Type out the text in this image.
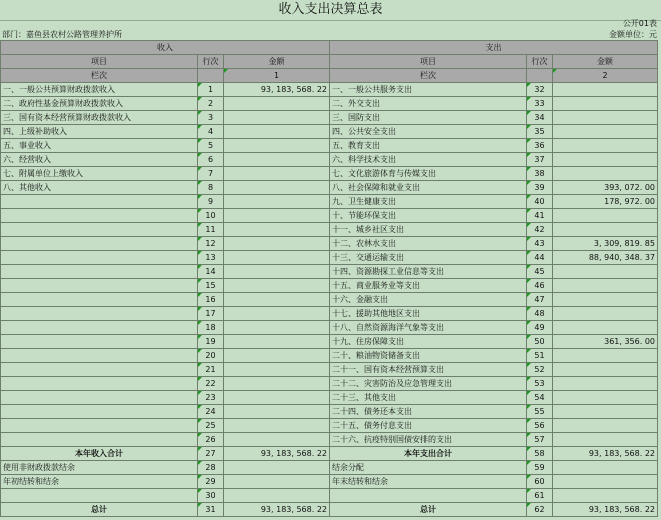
收入支出决算总表
公开01表
部门：嘉鱼县农村公路管理养护所	金额单位：元
收入			支出		
项目	行次	金额	项目	行次	金额
栏次		1	栏次		2
一、一般公共预算财政拨款收入	1	93, 183, 568. 22	一、一般公共服务支出	32	
二、政府性基金预算财政拨款收入	2		二、外交支出	33	
三、国有资本经营预算财政拨款收入	3		三、国防支出	34	
四、上级补助收入	4		四、公共安全支出	35	
五、事业收入	5		五、教育支出	36	
六、经营收入	6		六、科学技术支出	37	
七、附属单位上缴收入	7		七、文化旅游体育与传媒支出	38	
八、其他收入	8		八、社会保障和就业支出	39	393, 072. 00
	9		九、卫生健康支出	40	178, 972. 00
	10		十、节能环保支出	41	
	11		十一、城乡社区支出	42	
	12		十二、农林水支出	43	3, 309, 819. 85
	13		十三、交通运输支出	44	88, 940, 348. 37
	14		十四、资源勘探工业信息等支出	45	
	15		十五、商业服务业等支出	46	
	16		十六、金融支出	47	
	17		十七、援助其他地区支出	48	
	18		十八、自然资源海洋气象等支出	49	
	19		十九、住房保障支出	50	361, 356. 00
	20		二十、粮油物资储备支出	51	
	21		二十一、国有资本经营预算支出	52	
	22		二十二、灾害防治及应急管理支出	53	
	23		二十三、其他支出	54	
	24		二十四、债务还本支出	55	
	25		二十五、债务付息支出	56	
	26		二十六、抗疫特别国债安排的支出	57	
本年收入合计	27	93, 183, 568. 22	本年支出合计	58	93, 183, 568. 22
使用非财政拨款结余	28		结余分配	59	
年初结转和结余	29		年末结转和结余	60	
	30			61	
总计	31	93, 183, 568. 22	总计	62	93, 183, 568. 22
